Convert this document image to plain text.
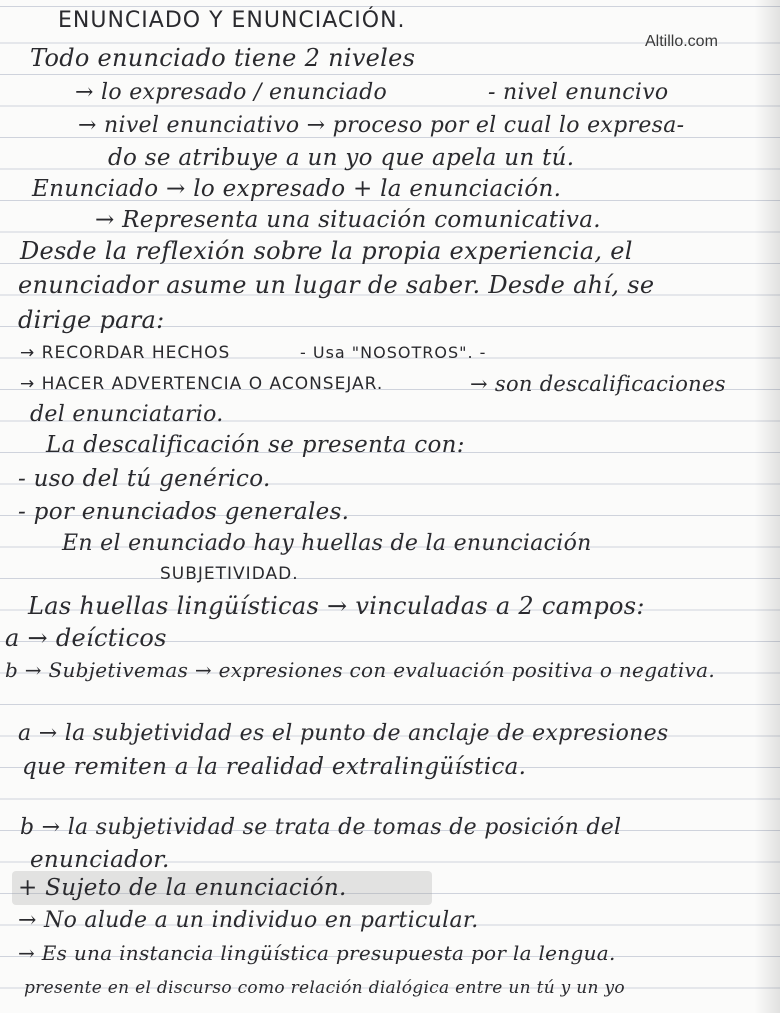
Altillo.com
ENUNCIADO Y ENUNCIACIÓN.
Todo enunciado tiene 2 niveles
→ lo expresado / enunciado	- nivel enuncivo
→ nivel enunciativo → proceso por el cual lo expresa-
do se atribuye a un yo que apela un tú.
Enunciado → lo expresado + la enunciación.
→ Representa una situación comunicativa.
Desde la reflexión sobre la propia experiencia, el
enunciador asume un lugar de saber. Desde ahí, se
dirige para:
→ RECORDAR HECHOS	- Usa "NOSOTROS". -
→ HACER ADVERTENCIA O ACONSEJAR.	→ son descalificaciones
del enunciatario.
La descalificación se presenta con:
- uso del tú genérico.
- por enunciados generales.
En el enunciado hay huellas de la enunciación
SUBJETIVIDAD.
Las huellas lingüísticas → vinculadas a 2 campos:
a → deícticos
b → Subjetivemas → expresiones con evaluación positiva o negativa.
a → la subjetividad es el punto de anclaje de expresiones
que remiten a la realidad extralingüística.
b → la subjetividad se trata de tomas de posición del
enunciador.
+ Sujeto de la enunciación.
→ No alude a un individuo en particular.
→ Es una instancia lingüística presupuesta por la lengua.
presente en el discurso como relación dialógica entre un tú y un yo
